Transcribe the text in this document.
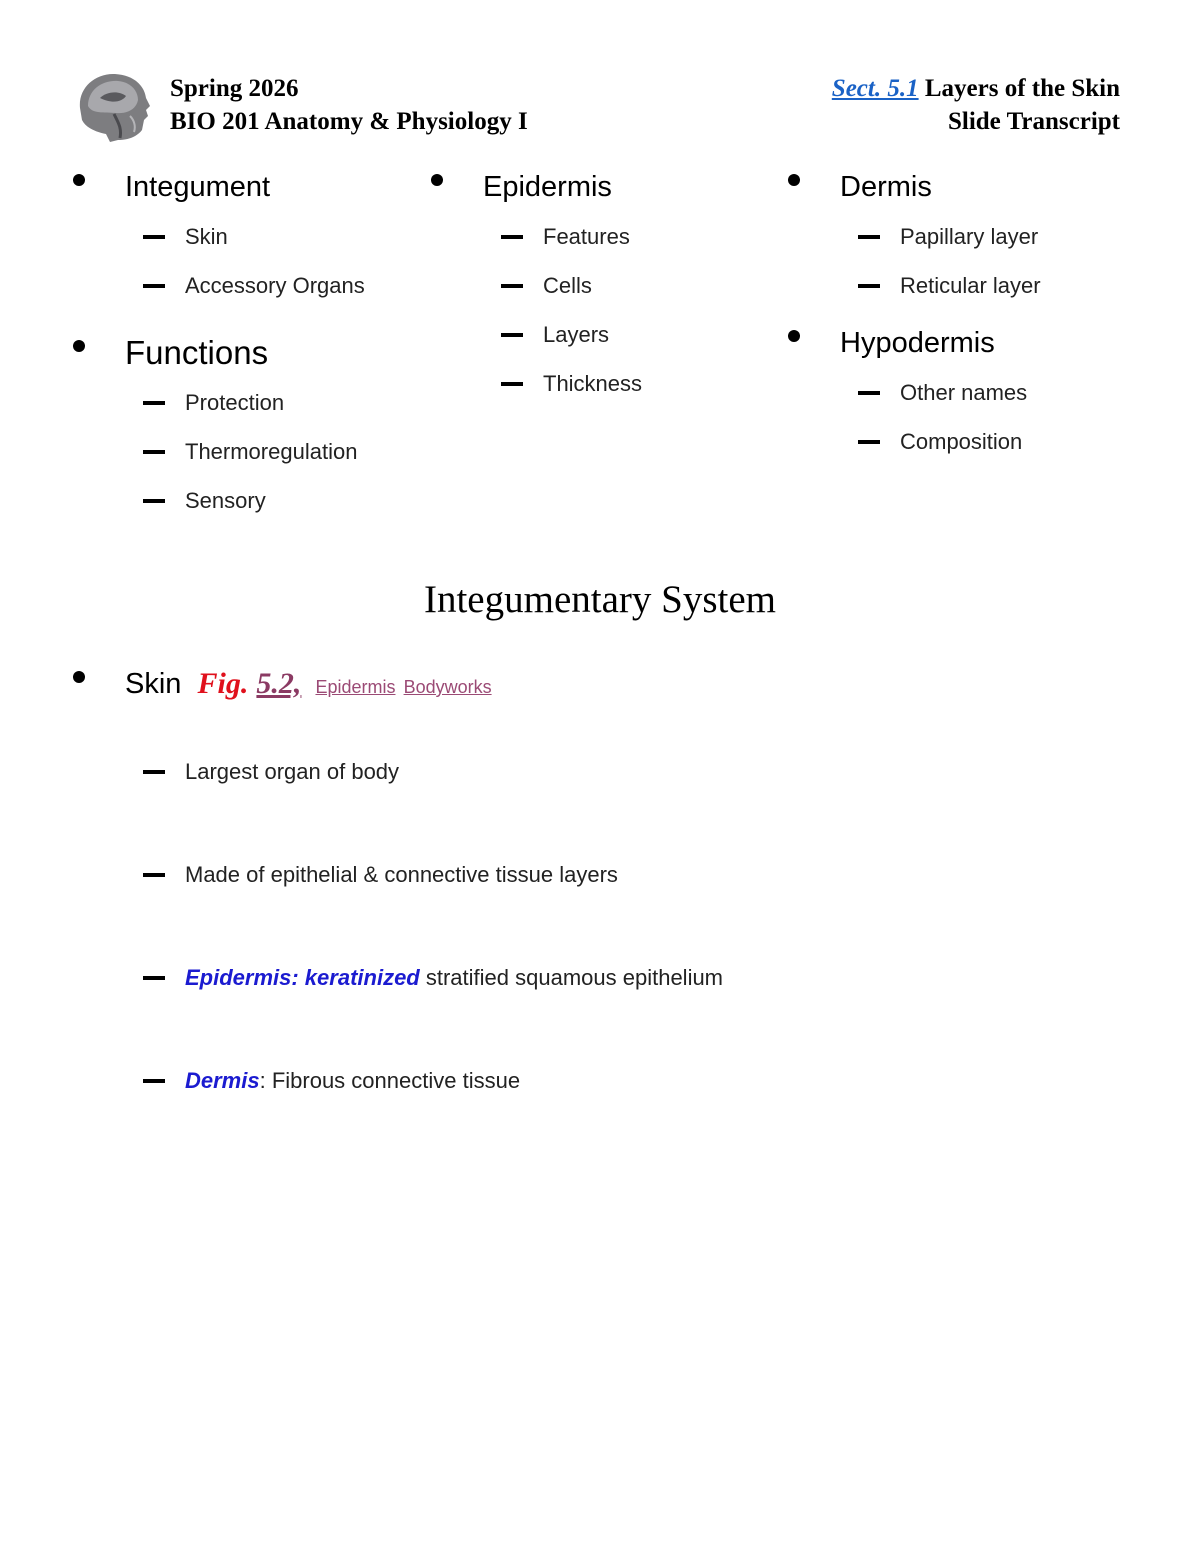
Spring 2026
BIO 201 Anatomy & Physiology I
Sect. 5.1 Layers of the Skin
Slide Transcript
Integument
Skin
Accessory Organs
Functions
Protection
Thermoregulation
Sensory
Epidermis
Features
Cells
Layers
Thickness
Dermis
Papillary layer
Reticular layer
Hypodermis
Other names
Composition
Integumentary System
Skin Fig. 5.2, Epidermis Bodyworks
Largest organ of body
Made of epithelial & connective tissue layers
Epidermis: keratinized stratified squamous epithelium
Dermis: Fibrous connective tissue
